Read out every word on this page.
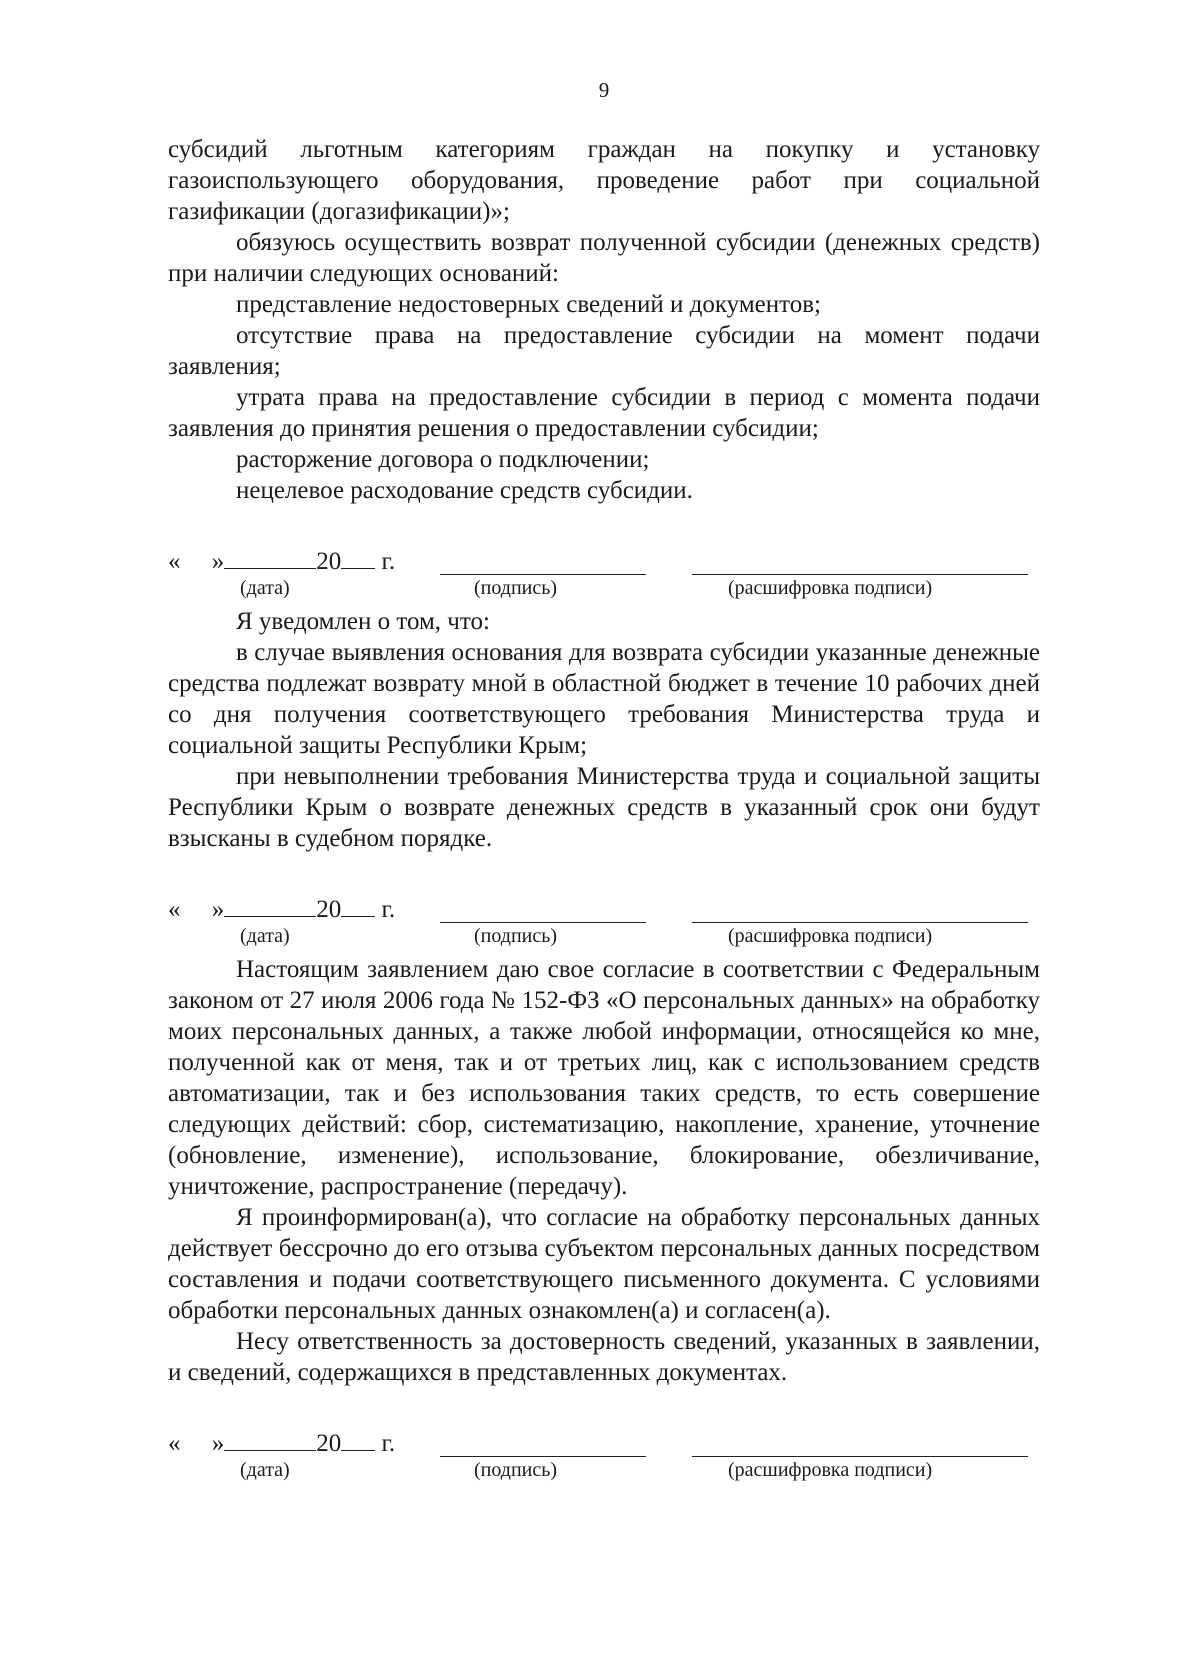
9

субсидий льготным категориям граждан на покупку и установку газоиспользующего оборудования, проведение работ при социальной газификации (догазификации)»;

обязуюсь осуществить возврат полученной субсидии (денежных средств) при наличии следующих оснований:

представление недостоверных сведений и документов;

отсутствие права на предоставление субсидии на момент подачи заявления;

утрата права на предоставление субсидии в период с момента подачи заявления до принятия решения о предоставлении субсидии;

расторжение договора о подключении;

нецелевое расходование средств субсидии.

« »	20 г.
(дата)	(подпись)	(расшифровка подписи)

Я уведомлен о том, что:

в случае выявления основания для возврата субсидии указанные денежные средства подлежат возврату мной в областной бюджет в течение 10 рабочих дней со дня получения соответствующего требования Министерства труда и социальной защиты Республики Крым;

при невыполнении требования Министерства труда и социальной защиты Республики Крым о возврате денежных средств в указанный срок они будут взысканы в судебном порядке.

« »	20 г.
(дата)	(подпись)	(расшифровка подписи)

Настоящим заявлением даю свое согласие в соответствии с Федеральным законом от 27 июля 2006 года № 152-ФЗ «О персональных данных» на обработку моих персональных данных, а также любой информации, относящейся ко мне, полученной как от меня, так и от третьих лиц, как с использованием средств автоматизации, так и без использования таких средств, то есть совершение следующих действий: сбор, систематизацию, накопление, хранение, уточнение (обновление, изменение), использование, блокирование, обезличивание, уничтожение, распространение (передачу).

Я проинформирован(а), что согласие на обработку персональных данных действует бессрочно до его отзыва субъектом персональных данных посредством составления и подачи соответствующего письменного документа. С условиями обработки персональных данных ознакомлен(а) и согласен(а).

Несу ответственность за достоверность сведений, указанных в заявлении, и сведений, содержащихся в представленных документах.

« »	20 г.
(дата)	(подпись)	(расшифровка подписи)
